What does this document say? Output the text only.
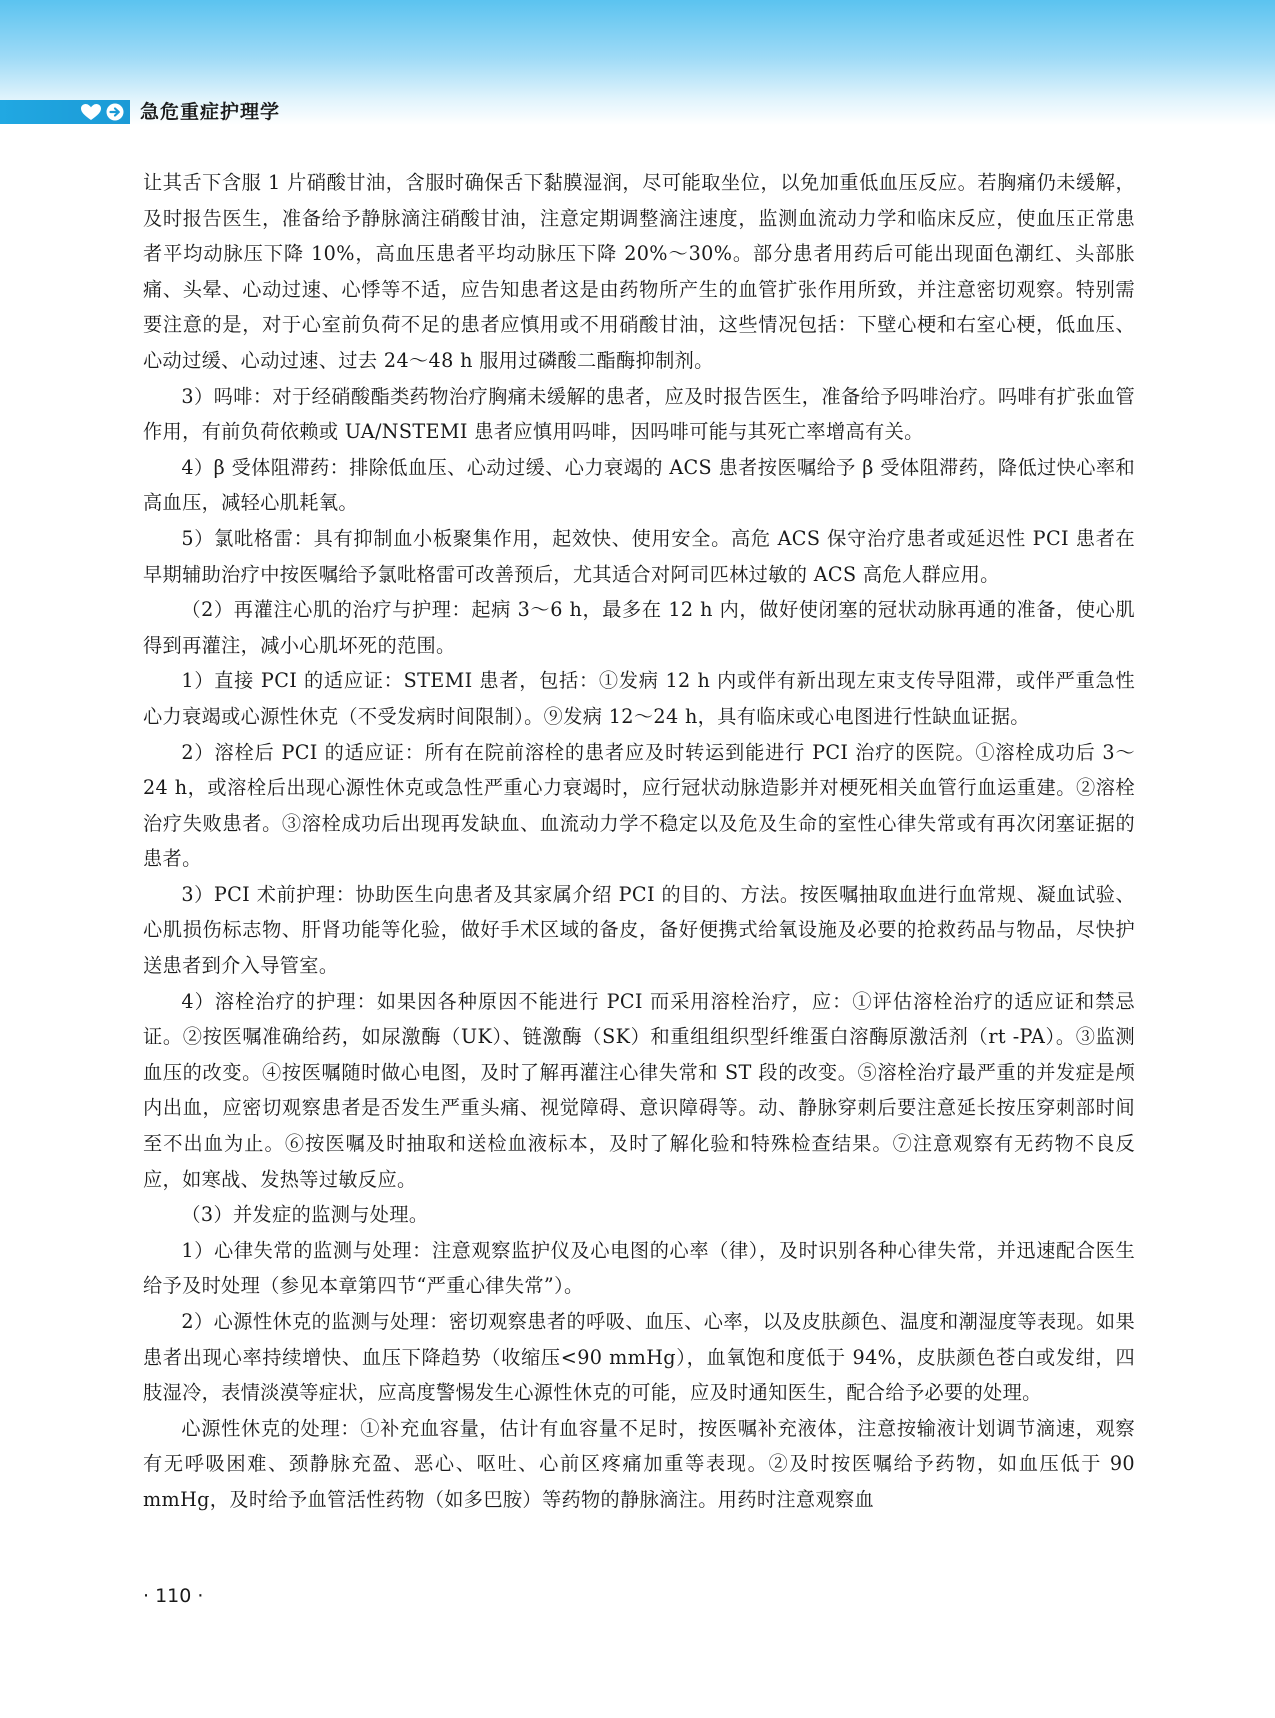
急危重症护理学

让其舌下含服 1 片硝酸甘油，含服时确保舌下黏膜湿润，尽可能取坐位，以免加重低血压反应。若胸痛仍未缓解，及时报告医生，准备给予静脉滴注硝酸甘油，注意定期调整滴注速度，监测血流动力学和临床反应，使血压正常患者平均动脉压下降 10%，高血压患者平均动脉压下降 20%～30%。部分患者用药后可能出现面色潮红、头部胀痛、头晕、心动过速、心悸等不适，应告知患者这是由药物所产生的血管扩张作用所致，并注意密切观察。特别需要注意的是，对于心室前负荷不足的患者应慎用或不用硝酸甘油，这些情况包括：下壁心梗和右室心梗，低血压、心动过缓、心动过速、过去 24～48 h 服用过磷酸二酯酶抑制剂。

3）吗啡：对于经硝酸酯类药物治疗胸痛未缓解的患者，应及时报告医生，准备给予吗啡治疗。吗啡有扩张血管作用，有前负荷依赖或 UA/NSTEMI 患者应慎用吗啡，因吗啡可能与其死亡率增高有关。

4）β 受体阻滞药：排除低血压、心动过缓、心力衰竭的 ACS 患者按医嘱给予 β 受体阻滞药，降低过快心率和高血压，减轻心肌耗氧。

5）氯吡格雷：具有抑制血小板聚集作用，起效快、使用安全。高危 ACS 保守治疗患者或延迟性 PCI 患者在早期辅助治疗中按医嘱给予氯吡格雷可改善预后，尤其适合对阿司匹林过敏的 ACS 高危人群应用。

（2）再灌注心肌的治疗与护理：起病 3～6 h，最多在 12 h 内，做好使闭塞的冠状动脉再通的准备，使心肌得到再灌注，减小心肌坏死的范围。

1）直接 PCI 的适应证：STEMI 患者，包括：①发病 12 h 内或伴有新出现左束支传导阻滞，或伴严重急性心力衰竭或心源性休克（不受发病时间限制）。⑨发病 12～24 h，具有临床或心电图进行性缺血证据。

2）溶栓后 PCI 的适应证：所有在院前溶栓的患者应及时转运到能进行 PCI 治疗的医院。①溶栓成功后 3～24 h，或溶栓后出现心源性休克或急性严重心力衰竭时，应行冠状动脉造影并对梗死相关血管行血运重建。②溶栓治疗失败患者。③溶栓成功后出现再发缺血、血流动力学不稳定以及危及生命的室性心律失常或有再次闭塞证据的患者。

3）PCI 术前护理：协助医生向患者及其家属介绍 PCI 的目的、方法。按医嘱抽取血进行血常规、凝血试验、心肌损伤标志物、肝肾功能等化验，做好手术区域的备皮，备好便携式给氧设施及必要的抢救药品与物品，尽快护送患者到介入导管室。

4）溶栓治疗的护理：如果因各种原因不能进行 PCI 而采用溶栓治疗，应：①评估溶栓治疗的适应证和禁忌证。②按医嘱准确给药，如尿激酶（UK）、链激酶（SK）和重组组织型纤维蛋白溶酶原激活剂（rt -PA）。③监测血压的改变。④按医嘱随时做心电图，及时了解再灌注心律失常和 ST 段的改变。⑤溶栓治疗最严重的并发症是颅内出血，应密切观察患者是否发生严重头痛、视觉障碍、意识障碍等。动、静脉穿刺后要注意延长按压穿刺部时间至不出血为止。⑥按医嘱及时抽取和送检血液标本，及时了解化验和特殊检查结果。⑦注意观察有无药物不良反应，如寒战、发热等过敏反应。

（3）并发症的监测与处理。

1）心律失常的监测与处理：注意观察监护仪及心电图的心率（律），及时识别各种心律失常，并迅速配合医生给予及时处理（参见本章第四节“严重心律失常”）。

2）心源性休克的监测与处理：密切观察患者的呼吸、血压、心率，以及皮肤颜色、温度和潮湿度等表现。如果患者出现心率持续增快、血压下降趋势（收缩压<90 mmHg），血氧饱和度低于 94%，皮肤颜色苍白或发绀，四肢湿冷，表情淡漠等症状，应高度警惕发生心源性休克的可能，应及时通知医生，配合给予必要的处理。

心源性休克的处理：①补充血容量，估计有血容量不足时，按医嘱补充液体，注意按输液计划调节滴速，观察有无呼吸困难、颈静脉充盈、恶心、呕吐、心前区疼痛加重等表现。②及时按医嘱给予药物，如血压低于 90 mmHg，及时给予血管活性药物（如多巴胺）等药物的静脉滴注。用药时注意观察血

· 110 ·
